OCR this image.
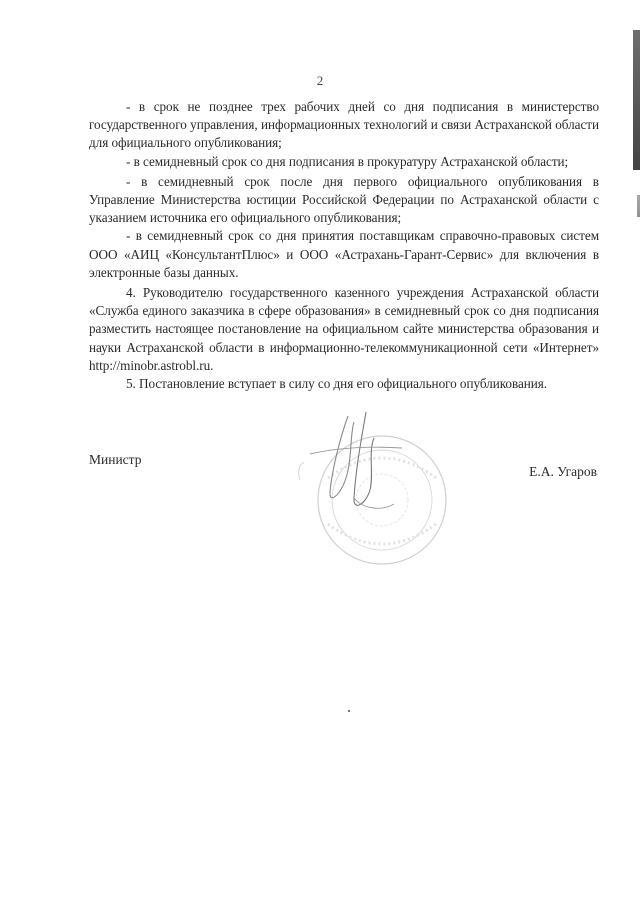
2

- в срок не позднее трех рабочих дней со дня подписания в министерство государственного управления, информационных технологий и связи Астраханской области для официального опубликования;

- в семидневный срок со дня подписания в прокуратуру Астраханской области;

- в семидневный срок после дня первого официального опубликования в Управление Министерства юстиции Российской Федерации по Астраханской области с указанием источника его официального опубликования;

- в семидневный срок со дня принятия поставщикам справочно-правовых систем ООО «АИЦ «КонсультантПлюс» и ООО «Астрахань-Гарант-Сервис» для включения в электронные базы данных.

4. Руководителю государственного казенного учреждения Астраханской области «Служба единого заказчика в сфере образования» в семидневный срок со дня подписания разместить настоящее постановление на официальном сайте министерства образования и науки Астраханской области в информационно-телекоммуникационной сети «Интернет» http://minobr.astrobl.ru.

5. Постановление вступает в силу со дня его официального опубликования.

Министр
Е.А. Угаров
